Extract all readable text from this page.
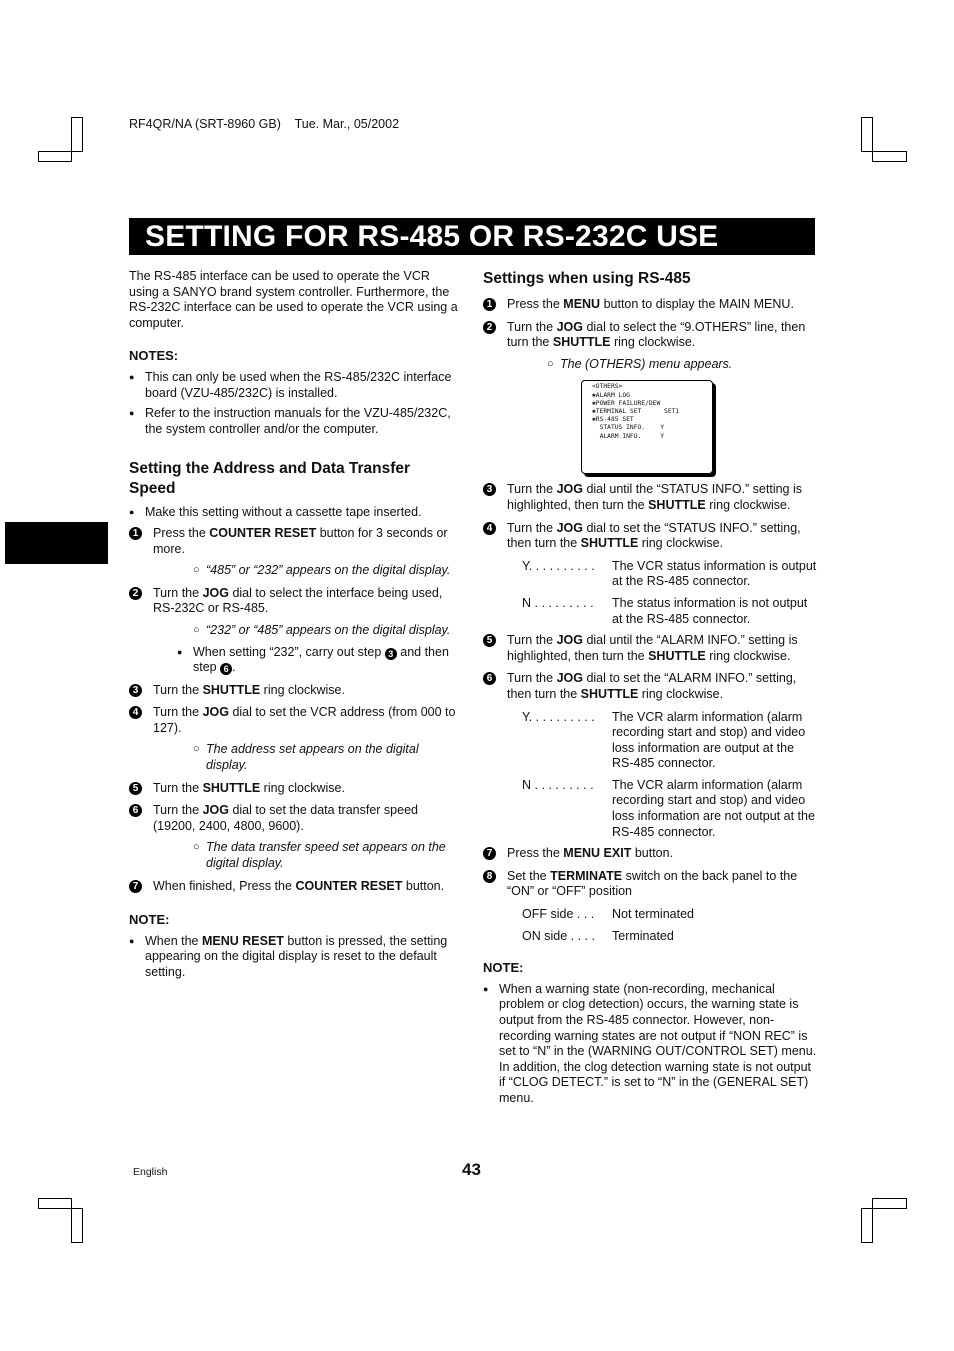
RF4QR/NA (SRT-8960 GB)    Tue. Mar., 05/2002
SETTING FOR RS-485 OR RS-232C USE

The RS-485 interface can be used to operate the VCR using a SANYO brand system controller. Furthermore, the RS-232C interface can be used to operate the VCR using a computer.

NOTES:
● This can only be used when the RS-485/232C interface board (VZU-485/232C) is installed.
● Refer to the instruction manuals for the VZU-485/232C, the system controller and/or the computer.
Setting the Address and Data Transfer Speed
● Make this setting without a cassette tape inserted.
1 Press the COUNTER RESET button for 3 seconds or more.
○ “485” or “232” appears on the digital display.
2 Turn the JOG dial to select the interface being used, RS-232C or RS-485.
○ “232” or “485” appears on the digital display.
● When setting “232”, carry out step 3 and then step 6 .
3 Turn the SHUTTLE ring clockwise.
4 Turn the JOG dial to set the VCR address (from 000 to 127).
○ The address set appears on the digital display.
5 Turn the SHUTTLE ring clockwise.
6 Turn the JOG dial to set the data transfer speed (19200, 2400, 4800, 9600).
○ The data transfer speed set appears on the digital display.
7 When finished, Press the COUNTER RESET button.
NOTE:
● When the MENU RESET button is pressed, the setting appearing on the digital display is reset to the default setting.
Settings when using RS-485
1 Press the MENU button to display the MAIN MENU.
2 Turn the JOG dial to select the “9.OTHERS” line, then turn the SHUTTLE ring clockwise.
○ The (OTHERS) menu appears.
<OTHERS>
✱ALARM LOG
✱POWER FAILURE/DEW
✱TERMINAL SET      SET1
✱RS-485 SET
STATUS INFO.    Y
ALARM INFO.     Y
3 Turn the JOG dial until the “STATUS INFO.” setting is highlighted, then turn the SHUTTLE ring clockwise.
4 Turn the JOG dial to set the “STATUS INFO.” setting, then turn the SHUTTLE ring clockwise.
Y. . . . . . . . . .	The VCR status information is output at the RS-485 connector.
N . . . . . . . . .	The status information is not output at the RS-485 connector.
5 Turn the JOG dial until the “ALARM INFO.” setting is highlighted, then turn the SHUTTLE ring clockwise.
6 Turn the JOG dial to set the “ALARM INFO.” setting, then turn the SHUTTLE ring clockwise.
Y. . . . . . . . . .	The VCR alarm information (alarm recording start and stop) and video loss information are output at the RS-485 connector.
N . . . . . . . . .	The VCR alarm information (alarm recording start and stop) and video loss information are not output at the RS-485 connector.
7 Press the MENU EXIT button.
8 Set the TERMINATE switch on the back panel to the “ON” or “OFF” position
OFF side . . .	Not terminated
ON side . . . .	Terminated
NOTE:
● When a warning state (non-recording, mechanical problem or clog detection) occurs, the warning state is output from the RS-485 connector. However, non-recording warning states are not output if “NON REC” is set to “N” in the (WARNING OUT/CONTROL SET) menu. In addition, the clog detection warning state is not output if “CLOG DETECT.” is set to “N” in the (GENERAL SET) menu.
English	43
